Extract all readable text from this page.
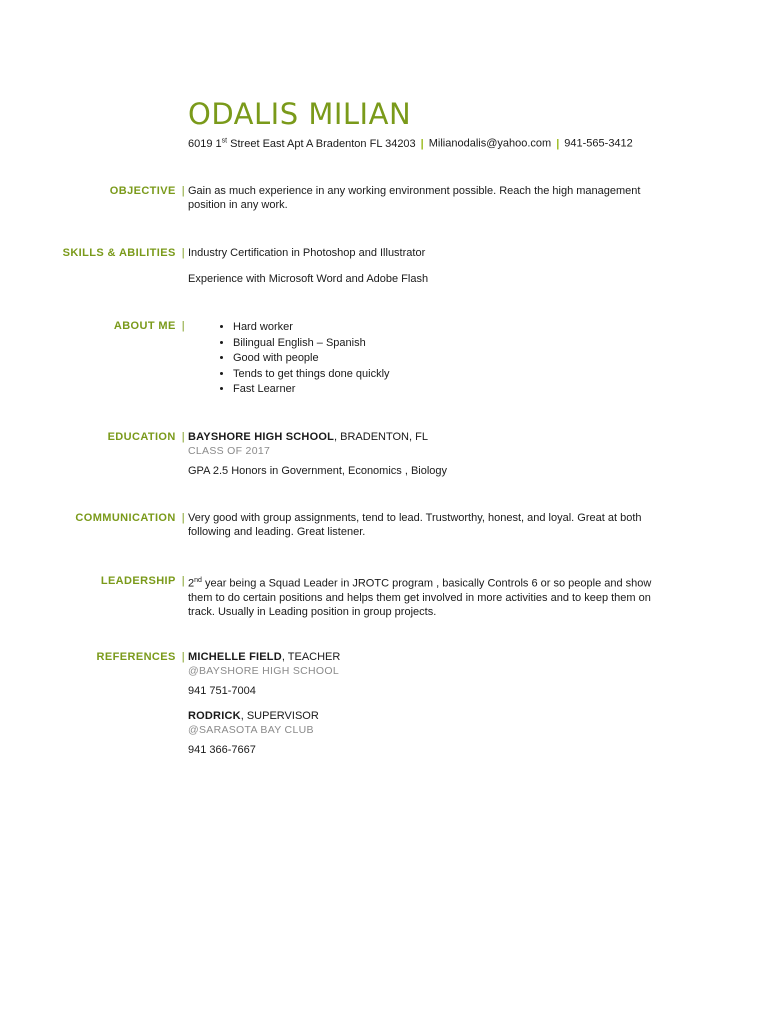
ODALIS MILIAN
6019 1st Street East Apt A Bradenton FL 34203 | Milianodalis@yahoo.com | 941-565-3412
OBJECTIVE | Gain as much experience in any working environment possible. Reach the high management position in any work.

SKILLS & ABILITIES | Industry Certification in Photoshop and Illustrator

Experience with Microsoft Word and Adobe Flash

ABOUT ME |
•	Hard worker
• Bilingual English – Spanish
• Good with people
• Tends to get things done quickly
• Fast Learner
EDUCATION | BAYSHORE HIGH SCHOOL, BRADENTON, FL

CLASS OF 2017

GPA 2.5 Honors in Government, Economics , Biology

COMMUNICATION | Very good with group assignments, tend to lead. Trustworthy, honest, and loyal. Great at both following and leading. Great listener.

LEADERSHIP | 2nd year being a Squad Leader in JROTC program , basically Controls 6 or so people and show them to do certain positions and helps them get involved in more activities and to keep them on track. Usually in Leading position in group projects.

REFERENCES | MICHELLE FIELD, TEACHER

@BAYSHORE HIGH SCHOOL

941 751-7004

RODRICK, SUPERVISOR

@SARASOTA BAY CLUB

941 366-7667
